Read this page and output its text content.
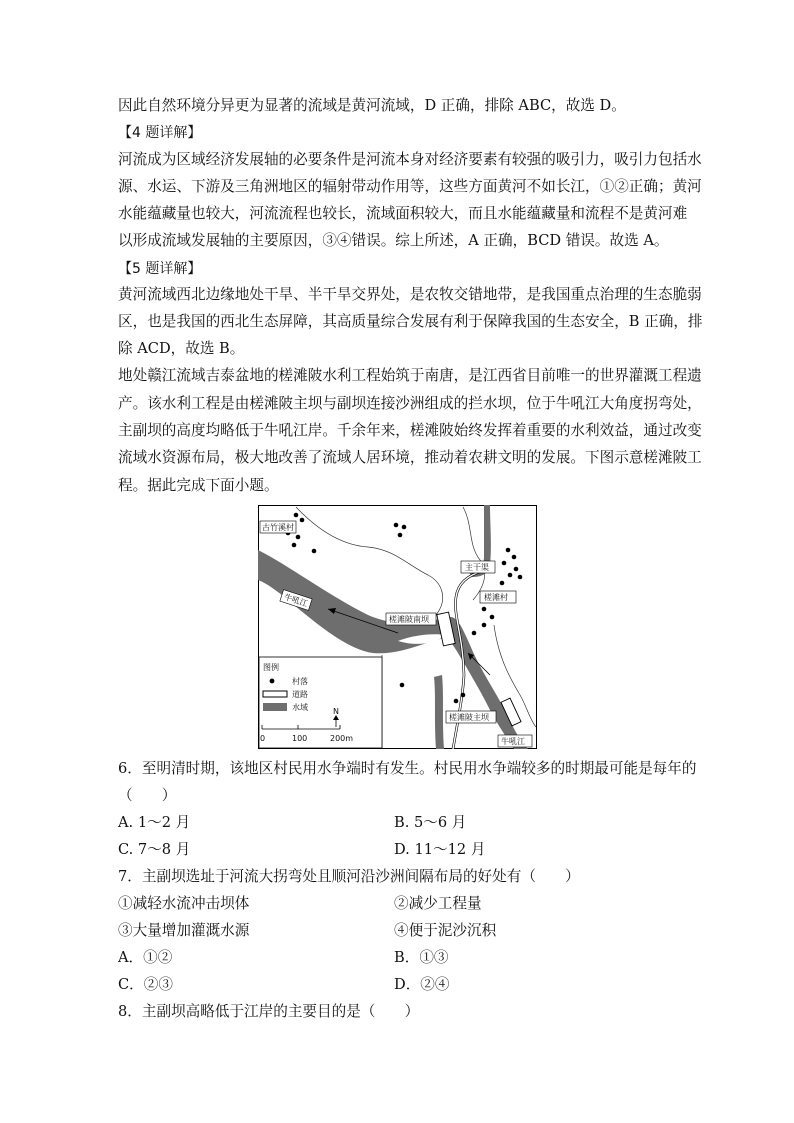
因此自然环境分异更为显著的流域是黄河流域，D 正确，排除 ABC，故选 D。
【4 题详解】
河流成为区域经济发展轴的必要条件是河流本身对经济要素有较强的吸引力，吸引力包括水
源、水运、下游及三角洲地区的辐射带动作用等，这些方面黄河不如长江，①②正确；黄河
水能蕴藏量也较大，河流流程也较长，流域面积较大，而且水能蕴藏量和流程不是黄河难
以形成流域发展轴的主要原因，③④错误。综上所述，A 正确，BCD 错误。故选 A。
【5 题详解】
黄河流域西北边缘地处干旱、半干旱交界处，是农牧交错地带，是我国重点治理的生态脆弱
区，也是我国的西北生态屏障，其高质量综合发展有利于保障我国的生态安全，B 正确，排
除 ACD，故选 B。
地处赣江流域吉泰盆地的槎滩陂水利工程始筑于南唐，是江西省目前唯一的世界灌溉工程遗
产。该水利工程是由槎滩陂主坝与副坝连接沙洲组成的拦水坝，位于牛吼江大角度拐弯处，
主副坝的高度均略低于牛吼江岸。千余年来，槎滩陂始终发挥着重要的水利效益，通过改变
流域水资源布局，极大地改善了流域人居环境，推动着农耕文明的发展。下图示意槎滩陂工
程。据此完成下面小题。
古竹溪村
牛吼江
主干渠
槎滩村
槎滩陂南坝
槎滩陂主坝
牛吼江
图例
村落
道路
水域	N
0	100	200m
6．至明清时期，该地区村民用水争端时有发生。村民用水争端较多的时期最可能是每年的
（　　）
A. 1～2 月	B. 5～6 月
C. 7～8 月	D. 11～12 月
7．主副坝选址于河流大拐弯处且顺河沿沙洲间隔布局的好处有（　　）
①减轻水流冲击坝体	②减少工程量
③大量增加灌溉水源	④便于泥沙沉积
A．①②	B．①③
C．②③	D．②④
8．主副坝高略低于江岸的主要目的是（　　）
